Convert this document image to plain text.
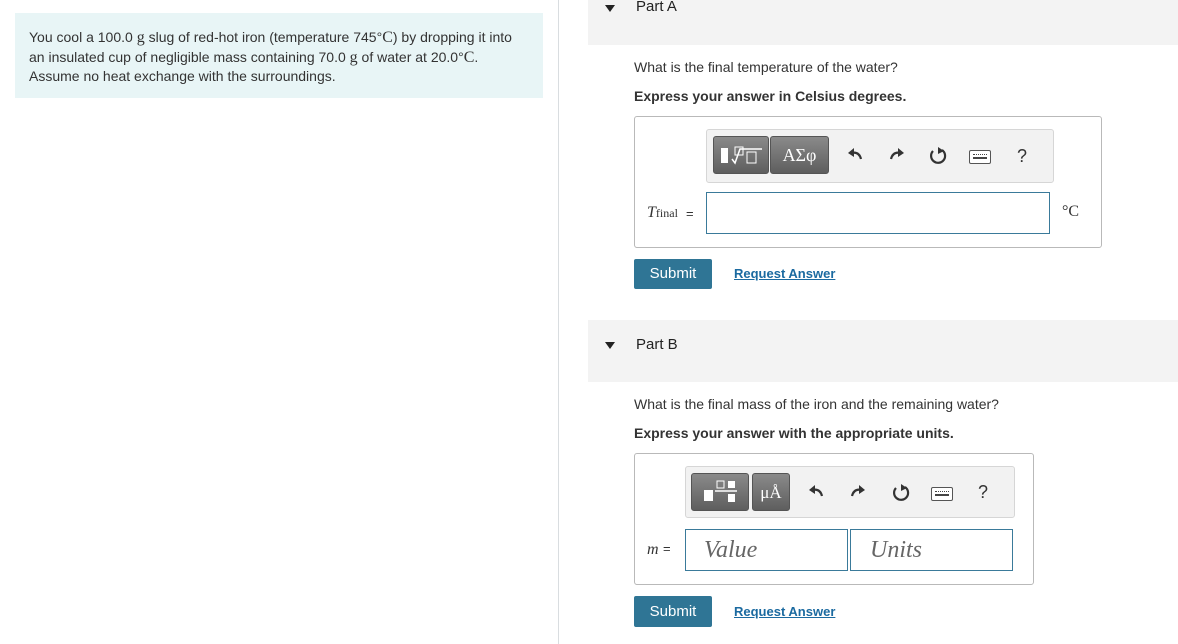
You cool a 100.0 g slug of red-hot iron (temperature 745°C) by dropping it into an insulated cup of negligible mass containing 70.0 g of water at 20.0°C. Assume no heat exchange with the surroundings.

Part A
What is the final temperature of the water?
Express your answer in Celsius degrees.
ΑΣφ	?
Tfinal =	°C
Submit	Request Answer
Part B
What is the final mass of the iron and the remaining water?
Express your answer with the appropriate units.
μÅ	?
m = Value	Units
Submit	Request Answer
